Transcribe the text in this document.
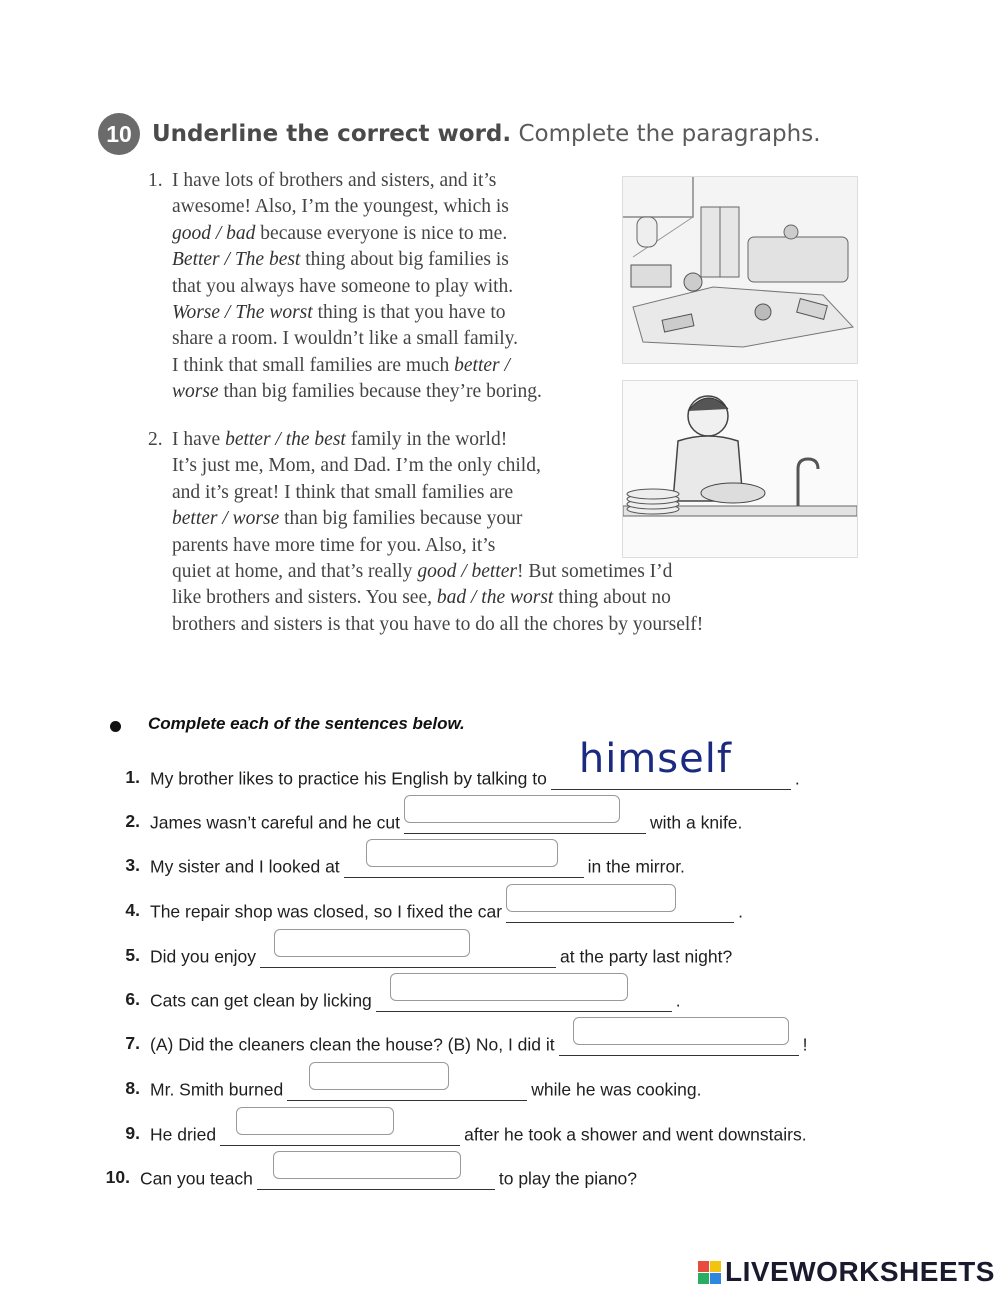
10 Underline the correct word. Complete the paragraphs.
1. I have lots of brothers and sisters, and it’s
awesome! Also, I’m the youngest, which is
good / bad because everyone is nice to me.
Better / The best thing about big families is
that you always have someone to play with.
Worse / The worst thing is that you have to
share a room. I wouldn’t like a small family.
I think that small families are much better /
worse than big families because they’re boring.
2. I have better / the best family in the world!
It’s just me, Mom, and Dad. I’m the only child,
and it’s great! I think that small families are
better / worse than big families because your
parents have more time for you. Also, it’s
quiet at home, and that’s really good / better! But sometimes I’d
like brothers and sisters. You see, bad / the worst thing about no
brothers and sisters is that you have to do all the chores by yourself!
Complete each of the sentences below.
1. My brother likes to practice his English by talking to himself	.
2. James wasn’t careful and he cut	with a knife.
3. My sister and I looked at	in the mirror.
4. The repair shop was closed, so I fixed the car	.
5. Did you enjoy	at the party last night?
6. Cats can get clean by licking	.
7. (A) Did the cleaners clean the house? (B) No, I did it	!
8. Mr. Smith burned	while he was cooking.
9. He dried	after he took a shower and went downstairs.
10. Can you teach	to play the piano?
LIVEWORKSHEETS
